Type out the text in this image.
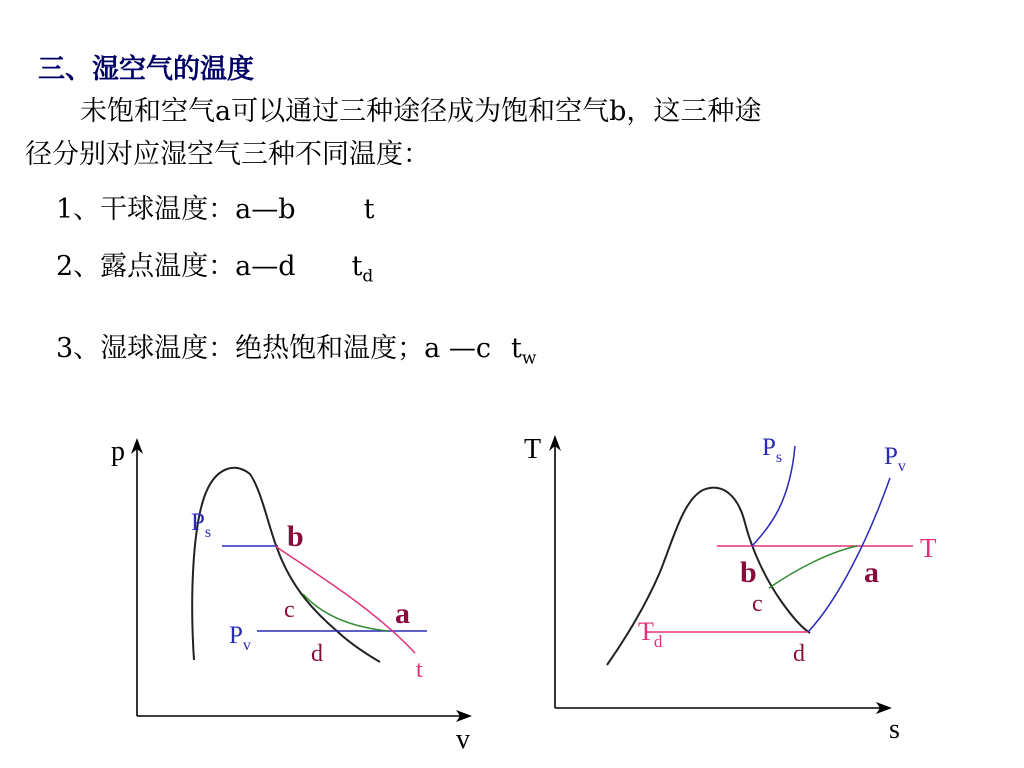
三、湿空气的温度
未饱和空气a可以通过三种途径成为饱和空气b，这三种途
径分别对应湿空气三种不同温度：
1、干球温度：a—b	t
2、露点温度：a—d $t_d$
3、湿球温度：绝热饱和温度；a —c $t_w$
p
v
$P_s$
$P_v$
b
a
c
d
t
T
s
$P_s$	$P_v$
T
$T_d$
b	a
c
d
